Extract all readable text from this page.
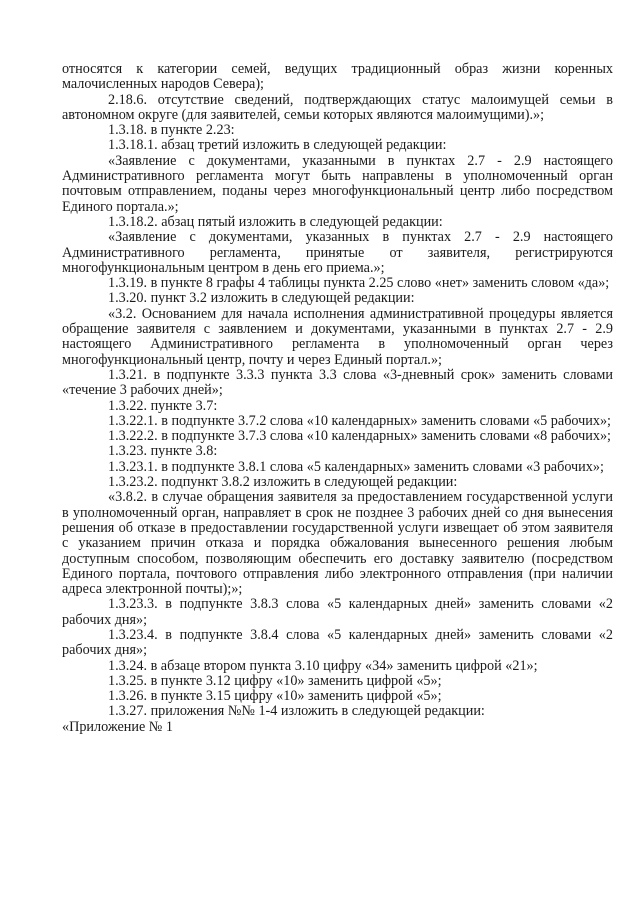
относятся к категории семей, ведущих традиционный образ жизни коренных малочисленных народов Севера);

2.18.6. отсутствие сведений, подтверждающих статус малоимущей семьи в автономном округе (для заявителей, семьи которых являются малоимущими).»;

1.3.18. в пункте 2.23:

1.3.18.1. абзац третий изложить в следующей редакции:

«Заявление с документами, указанными в пунктах 2.7 - 2.9 настоящего Административного регламента могут быть направлены в уполномоченный орган почтовым отправлением, поданы через многофункциональный центр либо посредством Единого портала.»;

1.3.18.2. абзац пятый изложить в следующей редакции:

«Заявление с документами, указанных в пунктах 2.7 - 2.9 настоящего Административного регламента, принятые от заявителя, регистрируются многофункциональным центром в день его приема.»;

1.3.19. в пункте 8 графы 4 таблицы пункта 2.25 слово «нет» заменить словом «да»;

1.3.20. пункт 3.2 изложить в следующей редакции:

«3.2. Основанием для начала исполнения административной процедуры является обращение заявителя с заявлением и документами, указанными в пунктах 2.7 - 2.9 настоящего Административного регламента в уполномоченный орган через многофункциональный центр, почту и через Единый портал.»;

1.3.21. в подпункте 3.3.3 пункта 3.3 слова «3-дневный срок» заменить словами «течение 3 рабочих дней»;

1.3.22. пункте 3.7:

1.3.22.1. в подпункте 3.7.2 слова «10 календарных» заменить словами «5 рабочих»;

1.3.22.2. в подпункте 3.7.3 слова «10 календарных» заменить словами «8 рабочих»;

1.3.23. пункте 3.8:

1.3.23.1. в подпункте 3.8.1 слова «5 календарных» заменить словами «3 рабочих»;

1.3.23.2. подпункт 3.8.2 изложить в следующей редакции:

«3.8.2. в случае обращения заявителя за предоставлением государственной услуги в уполномоченный орган, направляет в срок не позднее 3 рабочих дней со дня вынесения решения об отказе в предоставлении государственной услуги извещает об этом заявителя с указанием причин отказа и порядка обжалования вынесенного решения любым доступным способом, позволяющим обеспечить его доставку заявителю (посредством Единого портала, почтового отправления либо электронного отправления (при наличии адреса электронной почты);»;

1.3.23.3. в подпункте 3.8.3 слова «5 календарных дней» заменить словами «2 рабочих дня»;

1.3.23.4. в подпункте 3.8.4 слова «5 календарных дней» заменить словами «2 рабочих дня»;

1.3.24. в абзаце втором пункта 3.10 цифру «34» заменить цифрой «21»;

1.3.25. в пункте 3.12 цифру «10» заменить цифрой «5»;

1.3.26. в пункте 3.15 цифру «10» заменить цифрой «5»;

1.3.27. приложения №№ 1-4 изложить в следующей редакции:

«Приложение № 1
